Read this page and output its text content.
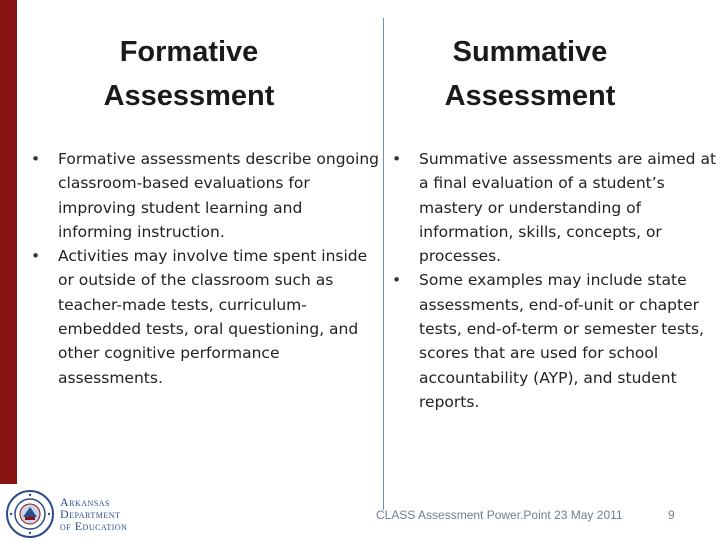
Formative
Assessment
Summative
Assessment
• Formative assessments describe ongoing classroom-based evaluations for improving student learning and informing instruction.
• Activities may involve time spent inside or outside of the classroom such as teacher-made tests, curriculum-embedded tests, oral questioning, and other cognitive performance assessments.
• Summative assessments are aimed at a final evaluation of a student’s mastery or understanding of information, skills, concepts, or processes.
• Some examples may include state assessments, end-of-unit or chapter tests, end-of-term or semester tests, scores that are used for school accountability (AYP), and student reports.
Arkansas
Department
of Education
CLASS Assessment Power.Point 23 May 2011	9
